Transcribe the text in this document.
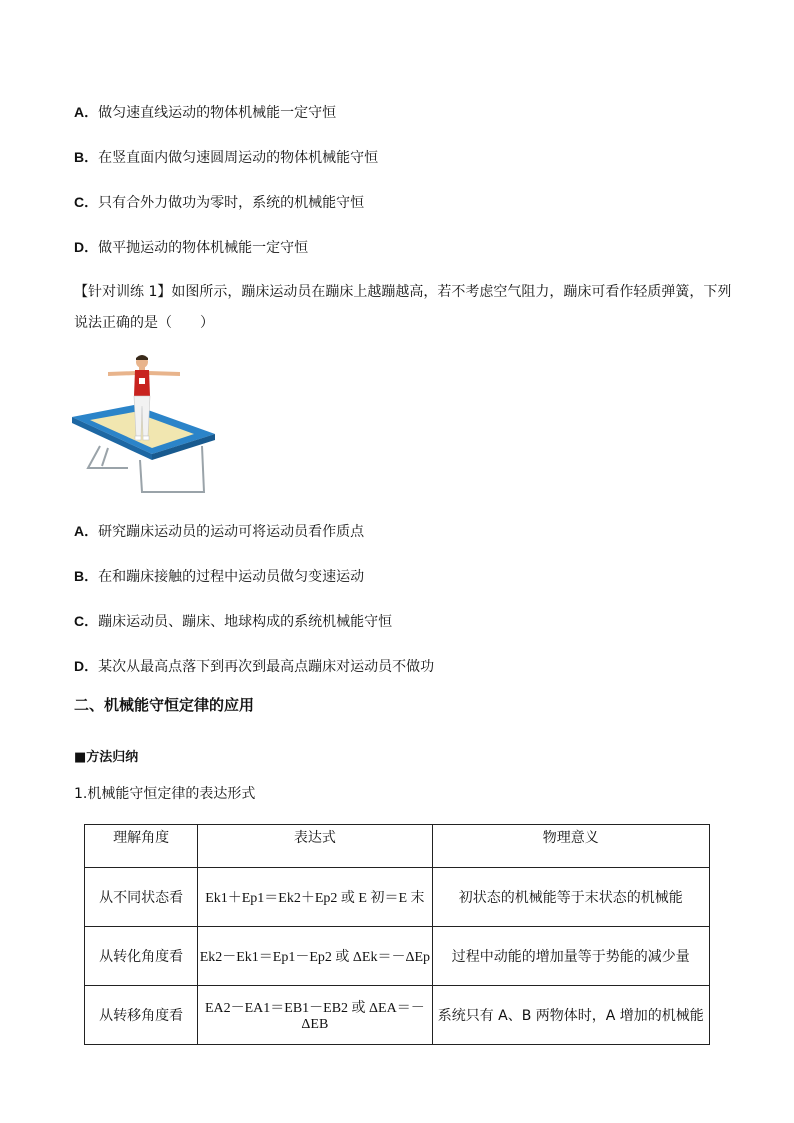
A．做匀速直线运动的物体机械能一定守恒
B．在竖直面内做匀速圆周运动的物体机械能守恒
C．只有合外力做功为零时，系统的机械能守恒
D．做平抛运动的物体机械能一定守恒
【针对训练 1】如图所示，蹦床运动员在蹦床上越蹦越高，若不考虑空气阻力，蹦床可看作轻质弹簧，下列
说法正确的是（　　）
A．研究蹦床运动员的运动可将运动员看作质点
B．在和蹦床接触的过程中运动员做匀变速运动
C．蹦床运动员、蹦床、地球构成的系统机械能守恒
D．某次从最高点落下到再次到最高点蹦床对运动员不做功
二、机械能守恒定律的应用
■方法归纳
1.机械能守恒定律的表达形式
理解角度	表达式	物理意义
从不同状态看	Ek1＋Ep1＝Ek2＋Ep2 或 E 初＝E 末	初状态的机械能等于末状态的机械能
从转化角度看	Ek2－Ek1＝Ep1－Ep2 或 ΔEk＝－ΔEp	过程中动能的增加量等于势能的减少量
从转移角度看	EA2－EA1＝EB1－EB2 或 ΔEA＝－ΔEB	系统只有 A、B 两物体时，A 增加的机械能
